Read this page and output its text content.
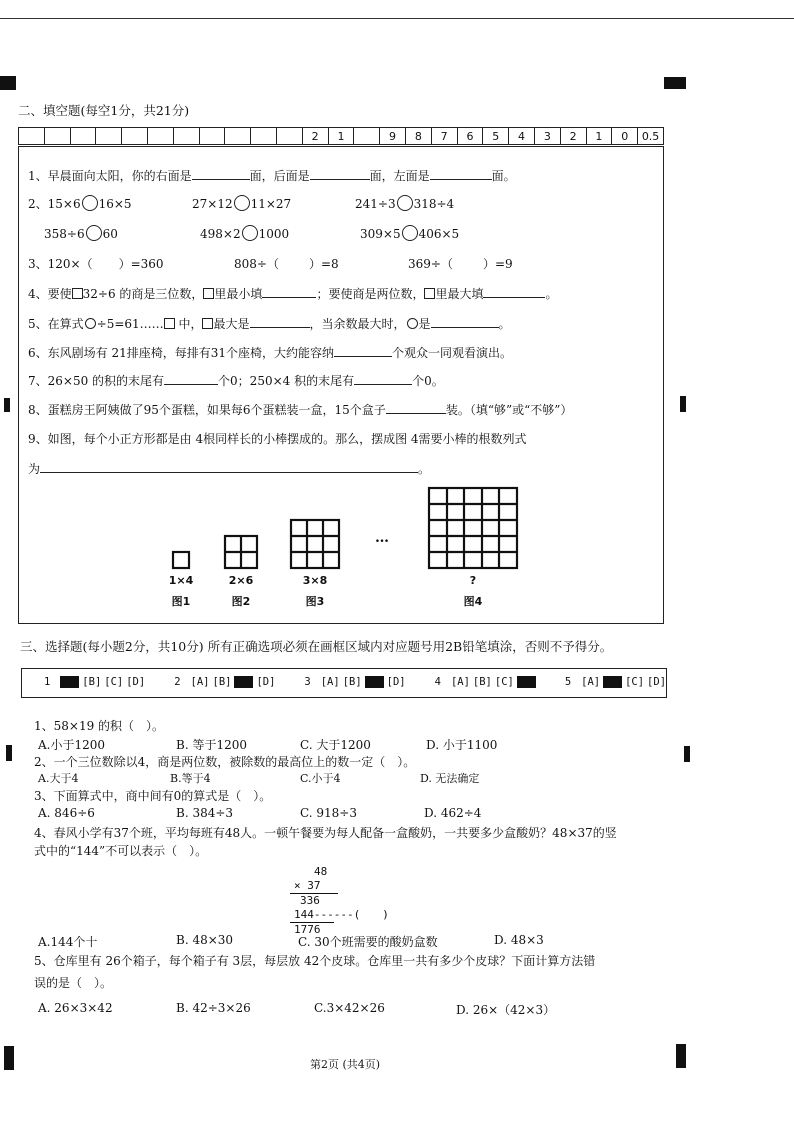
二、填空题(每空1分，共21分)
											2	1		9	8	7	6	5	4	3	2	1	0	0.5
1、早晨面向太阳，你的右面是	面，后面是	面，左面是	面。
2、15×6 16×5	27×12 11×27	241÷3 318÷4
358÷6 60	498×2 1000	309×5 406×5
3、120×（ ）=360	808÷（	）=8	369÷（	）=9
4、要使 32÷6 的商是三位数， 里最小填	；要使商是两位数， 里最大填	。
5、在算式 ÷5=61…… 中， 最大是	，当余数最大时， 是	。
6、东风剧场有 21排座椅，每排有31个座椅，大约能容纳	个观众一同观看演出。
7、26×50 的积的末尾有	个0；250×4 积的末尾有	个0。
8、蛋糕房王阿姨做了95个蛋糕，如果每6个蛋糕装一盒，15个盒子	装。（填“够”或“不够”）
9、如图，每个小正方形都是由 4根同样长的小棒摆成的。那么，摆成图 4需要小棒的根数列式
为	。
…
1×4
图1
2×6
图2
3×8
图3
?
图4
三、选择题(每小题2分，共10分) 所有正确选项必须在画框区域内对应题号用2B铅笔填涂，否则不予得分。
1 [A] [B] [C] [D]	2 [A] [B] [C] [D]	3 [A] [B] [C] [D]	4 [A] [B] [C] [D]	5 [A] [B] [C] [D]
1、58×19 的积（　）。
A.小于1200	B. 等于1200	C. 大于1200	D. 小于1100
2、一个三位数除以4，商是两位数，被除数的最高位上的数一定（　）。
A.大于4	B.等于4	C.小于4	D. 无法确定
3、下面算式中，商中间有0的算式是（　）。
A. 846÷6	B. 384÷3	C. 918÷3	D. 462÷4
4、春风小学有37个班，平均每班有48人。一顿午餐要为每人配备一盒酸奶，一共要多少盒酸奶？48×37的竖
式中的“144”不可以表示（　）。
48
× 37
336
144------(　　)
1776
A.144个十	B. 48×30	C. 30个班需要的酸奶盒数	D. 48×3
5、仓库里有 26个箱子，每个箱子有 3层，每层放 42个皮球。仓库里一共有多少个皮球？下面计算方法错
误的是（　）。
A. 26×3×42	B. 42÷3×26	C.3×42×26	D. 26×（42×3）
第2页 (共4页)
